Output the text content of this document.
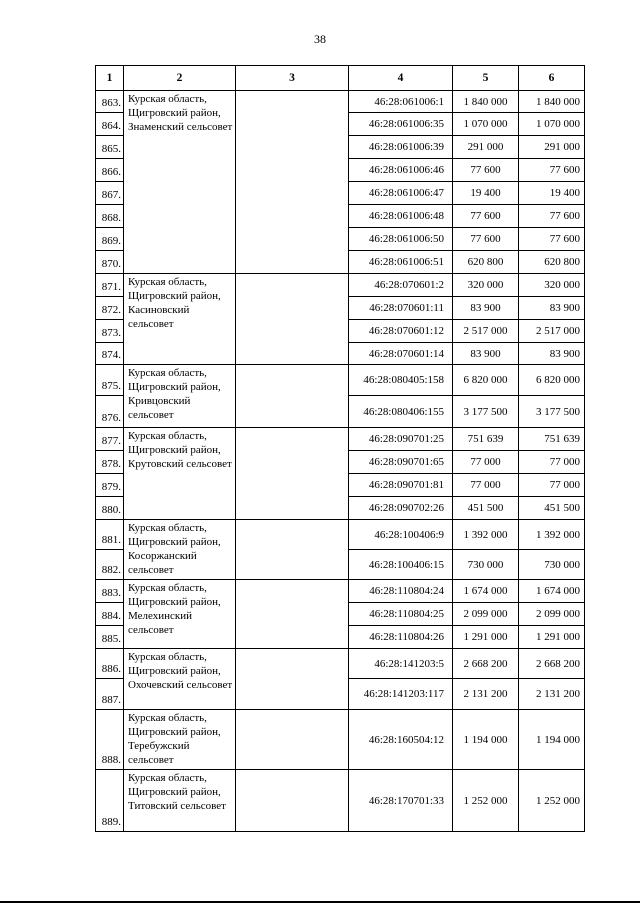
38
1	2	3	4	5	6
863.	Курская область, Щигровский район, Знаменский сельсовет		46:28:061006:1	1 840 000	1 840 000
864.			46:28:061006:35	1 070 000	1 070 000
865.			46:28:061006:39	291 000	291 000
866.			46:28:061006:46	77 600	77 600
867.			46:28:061006:47	19 400	19 400
868.			46:28:061006:48	77 600	77 600
869.			46:28:061006:50	77 600	77 600
870.			46:28:061006:51	620 800	620 800
871.	Курская область, Щигровский район, Касиновский сельсовет		46:28:070601:2	320 000	320 000
872.			46:28:070601:11	83 900	83 900
873.			46:28:070601:12	2 517 000	2 517 000
874.			46:28:070601:14	83 900	83 900
875.	Курская область, Щигровский район, Кривцовский сельсовет		46:28:080405:158	6 820 000	6 820 000
876.			46:28:080406:155	3 177 500	3 177 500
877.	Курская область, Щигровский район, Крутовский сельсовет		46:28:090701:25	751 639	751 639
878.			46:28:090701:65	77 000	77 000
879.			46:28:090701:81	77 000	77 000
880.			46:28:090702:26	451 500	451 500
881.	Курская область, Щигровский район, Косоржанский сельсовет		46:28:100406:9	1 392 000	1 392 000
882.			46:28:100406:15	730 000	730 000
883.	Курская область, Щигровский район, Мелехинский сельсовет		46:28:110804:24	1 674 000	1 674 000
884.			46:28:110804:25	2 099 000	2 099 000
885.			46:28:110804:26	1 291 000	1 291 000
886.	Курская область, Щигровский район, Охочевский сельсовет		46:28:141203:5	2 668 200	2 668 200
887.			46:28:141203:117	2 131 200	2 131 200
888.	Курская область, Щигровский район, Теребужский сельсовет		46:28:160504:12	1 194 000	1 194 000
889.	Курская область, Щигровский район, Титовский сельсовет		46:28:170701:33	1 252 000	1 252 000
